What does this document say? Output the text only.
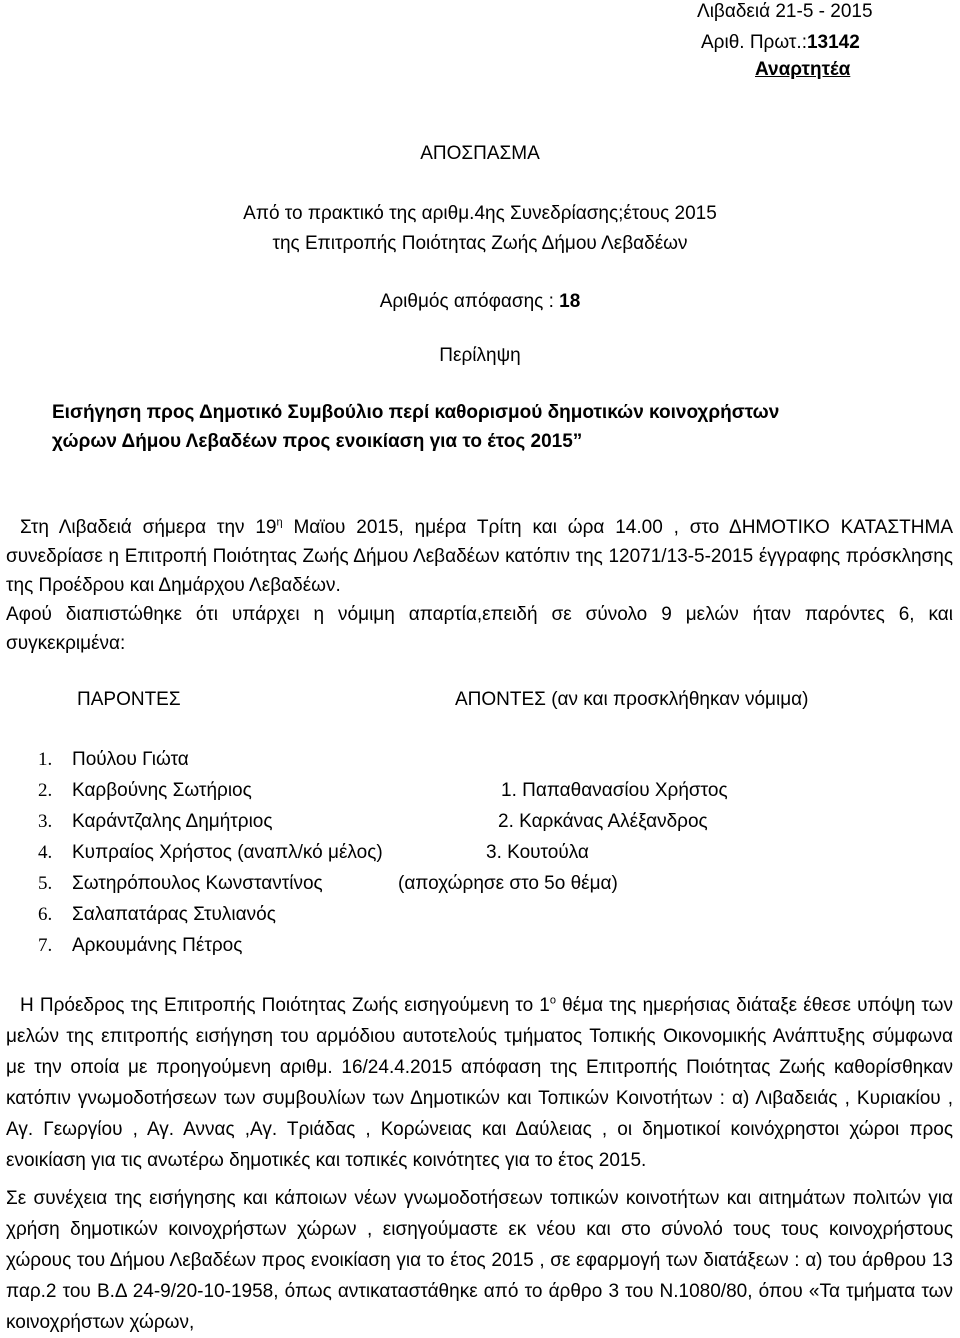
Λιβαδειά 21-5 - 2015
Αριθ. Πρωτ.:13142
Αναρτητέα
ΑΠΟΣΠΑΣΜΑ
Από το πρακτικό της αριθμ.4ης Συνεδρίασης;έτους 2015
της Επιτροπής Ποιότητας Ζωής Δήμου Λεβαδέων
Αριθμός απόφασης : 18
Περίληψη
Εισήγηση προς Δημοτικό Συμβούλιο περί καθορισμού δημοτικών κοινοχρήστων
χώρων Δήμου Λεβαδέων προς ενοικίαση για το έτος 2015”
Στη Λιβαδειά σήμερα την $19^\eta$ Μαϊου 2015, ημέρα Τρίτη και ώρα 14.00 , στο ΔΗΜΟΤΙΚΟ ΚΑΤΑΣΤΗΜΑ συνεδρίασε η Επιτροπή Ποιότητας Ζωής Δήμου Λεβαδέων κατόπιν της 12071/13-5-2015 έγγραφης πρόσκλησης της Προέδρου και Δημάρχου Λεβαδέων.
Αφού διαπιστώθηκε ότι υπάρχει η νόμιμη απαρτία,επειδή σε σύνολο 9 μελών ήταν παρόντες 6, και συγκεκριμένα:
ΠΑΡΟΝΤΕΣ	ΑΠΟΝΤΕΣ (αν και προσκλήθηκαν νόμιμα)
1. Πούλου Γιώτα
2. Καρβούνης Σωτήριος
3. Καράντζαλης Δημήτριος
4. Κυπραίος Χρήστος (αναπλ/κό μέλος)
5. Σωτηρόπουλος Κωνσταντίνος
6. Σαλαπατάρας Στυλιανός
7. Αρκουμάνης Πέτρος
1. Παπαθανασίου Χρήστος
2. Καρκάνας Αλέξανδρος
3. Κουτούλα
(αποχώρησε στο 5ο θέμα)
Η Πρόεδρος της Επιτροπής Ποιότητας Ζωής εισηγούμενη το $1^o$ θέμα της ημερήσιας διάταξε έθεσε υπόψη των μελών της επιτροπής εισήγηση του αρμόδιου αυτοτελούς τμήματος Τοπικής Οικονομικής Ανάπτυξης σύμφωνα με την οποία με προηγούμενη αριθμ. 16/24.4.2015 απόφαση της Επιτροπής Ποιότητας Ζωής καθορίσθηκαν κατόπιν γνωμοδοτήσεων των συμβουλίων των Δημοτικών και Τοπικών Κοινοτήτων : α) Λιβαδειάς , Κυριακίου , Αγ. Γεωργίου , Αγ. Αννας ,Αγ. Τριάδας , Κορώνειας και Δαύλειας , οι δημοτικοί κοινόχρηστοι χώροι προς ενοικίαση για τις ανωτέρω δημοτικές και τοπικές κοινότητες για το έτος 2015.
Σε συνέχεια της εισήγησης και κάποιων νέων γνωμοδοτήσεων τοπικών κοινοτήτων και αιτημάτων πολιτών για χρήση δημοτικών κοινοχρήστων χώρων , εισηγούμαστε εκ νέου και στο σύνολό τους τους κοινοχρήστους χώρους του Δήμου Λεβαδέων προς ενοικίαση για το έτος 2015 , σε εφαρμογή των διατάξεων : α) του άρθρου 13 παρ.2 του Β.Δ 24-9/20-10-1958, όπως αντικαταστάθηκε από το άρθρο 3 του Ν.1080/80, όπου «Τα τμήματα των κοινοχρήστων χώρων,
